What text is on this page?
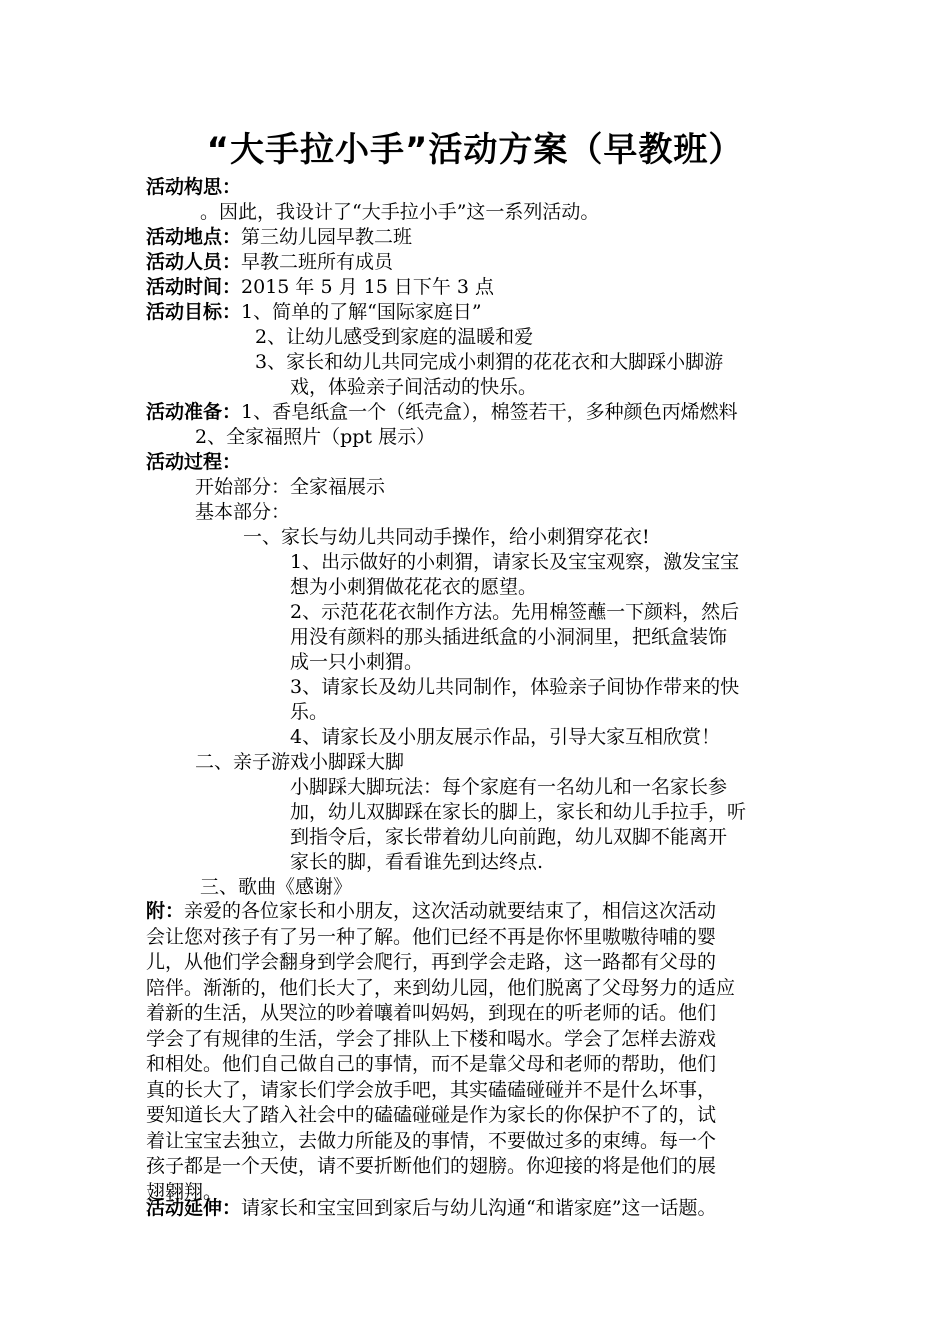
“大手拉小手”活动方案（早教班）
活动构思：
。因此，我设计了“大手拉小手”这一系列活动。
活动地点：第三幼儿园早教二班
活动人员：早教二班所有成员
活动时间：2015 年 5 月 15 日下午 3 点
活动目标：1、简单的了解“国际家庭日”
2、让幼儿感受到家庭的温暖和爱
3、家长和幼儿共同完成小刺猬的花花衣和大脚踩小脚游
戏，体验亲子间活动的快乐。
活动准备：1、香皂纸盒一个（纸壳盒），棉签若干，多种颜色丙烯燃料
2、全家福照片（ppt 展示）
活动过程：
开始部分：全家福展示
基本部分：
一、家长与幼儿共同动手操作，给小刺猬穿花衣!
1、出示做好的小刺猬，请家长及宝宝观察，激发宝宝
想为小刺猬做花花衣的愿望。
2、示范花花衣制作方法。先用棉签蘸一下颜料，然后
用没有颜料的那头插进纸盒的小洞洞里，把纸盒装饰
成一只小刺猬。
3、请家长及幼儿共同制作，体验亲子间协作带来的快
乐。
4、请家长及小朋友展示作品，引导大家互相欣赏！
二、亲子游戏小脚踩大脚
小脚踩大脚玩法：每个家庭有一名幼儿和一名家长参
加，幼儿双脚踩在家长的脚上，家长和幼儿手拉手，听
到指令后，家长带着幼儿向前跑，幼儿双脚不能离开
家长的脚，看看谁先到达终点.
三、歌曲《感谢》
附：亲爱的各位家长和小朋友，这次活动就要结束了，相信这次活动
会让您对孩子有了另一种了解。他们已经不再是你怀里嗷嗷待哺的婴
儿，从他们学会翻身到学会爬行，再到学会走路，这一路都有父母的
陪伴。渐渐的，他们长大了，来到幼儿园，他们脱离了父母努力的适应
着新的生活，从哭泣的吵着嚷着叫妈妈，到现在的听老师的话。他们
学会了有规律的生活，学会了排队上下楼和喝水。学会了怎样去游戏
和相处。他们自己做自己的事情，而不是靠父母和老师的帮助，他们
真的长大了，请家长们学会放手吧，其实磕磕碰碰并不是什么坏事，
要知道长大了踏入社会中的磕磕碰碰是作为家长的你保护不了的，试
着让宝宝去独立，去做力所能及的事情，不要做过多的束缚。每一个
孩子都是一个天使，请不要折断他们的翅膀。你迎接的将是他们的展
翅翱翔。
活动延伸：请家长和宝宝回到家后与幼儿沟通“和谐家庭”这一话题。
